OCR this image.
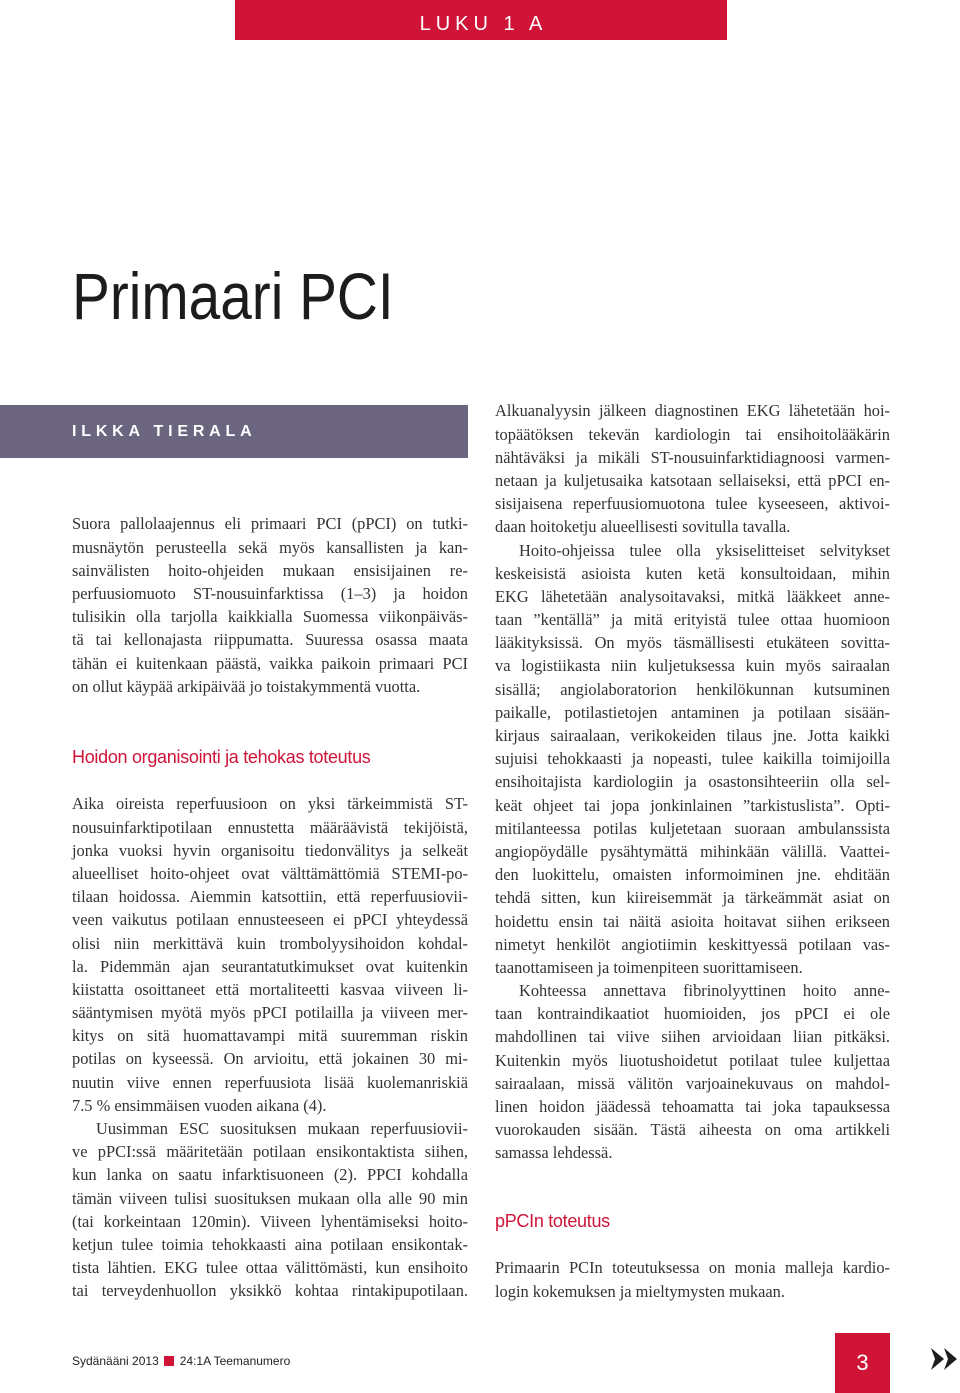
LUKU 1 A
Primaari PCI
ILKKA TIERALA
Suora pallolaajennus eli primaari PCI (pPCI) on tutki-
musnäytön perusteella sekä myös kansallisten ja kan-
sainvälisten hoito-ohjeiden mukaan ensisijainen re-
perfuusiomuoto ST-nousuinfarktissa (1–3) ja hoidon
tulisikin olla tarjolla kaikkialla Suomessa viikonpäiväs-
tä tai kellonajasta riippumatta. Suuressa osassa maata
tähän ei kuitenkaan päästä, vaikka paikoin primaari PCI
on ollut käypää arkipäivää jo toistakymmentä vuotta.
Hoidon organisointi ja tehokas toteutus
Aika oireista reperfuusioon on yksi tärkeimmistä ST-
nousuinfarktipotilaan ennustetta määräävistä tekijöistä,
jonka vuoksi hyvin organisoitu tiedonvälitys ja selkeät
alueelliset hoito-ohjeet ovat välttämättömiä STEMI-po-
tilaan hoidossa. Aiemmin katsottiin, että reperfuusiovii-
veen vaikutus potilaan ennusteeseen ei pPCI yhteydessä
olisi niin merkittävä kuin trombolyysihoidon kohdal-
la. Pidemmän ajan seurantatutkimukset ovat kuitenkin
kiistatta osoittaneet että mortaliteetti kasvaa viiveen li-
sääntymisen myötä myös pPCI potilailla ja viiveen mer-
kitys on sitä huomattavampi mitä suuremman riskin
potilas on kyseessä. On arvioitu, että jokainen 30 mi-
nuutin viive ennen reperfuusiota lisää kuolemanriskiä
7.5 % ensimmäisen vuoden aikana (4).
Uusimman ESC suosituksen mukaan reperfuusiovii-
ve pPCI:ssä määritetään potilaan ensikontaktista siihen,
kun lanka on saatu infarktisuoneen (2). PPCI kohdalla
tämän viiveen tulisi suosituksen mukaan olla alle 90 min
(tai korkeintaan 120min). Viiveen lyhentämiseksi hoito-
ketjun tulee toimia tehokkaasti aina potilaan ensikontak-
tista lähtien. EKG tulee ottaa välittömästi, kun ensihoito
tai terveydenhuollon yksikkö kohtaa rintakipupotilaan.
Alkuanalyysin jälkeen diagnostinen EKG lähetetään hoi-
topäätöksen tekevän kardiologin tai ensihoitolääkärin
nähtäväksi ja mikäli ST-nousuinfarktidiagnoosi varmen-
netaan ja kuljetusaika katsotaan sellaiseksi, että pPCI en-
sisijaisena reperfuusiomuotona tulee kyseeseen, aktivoi-
daan hoitoketju alueellisesti sovitulla tavalla.
Hoito-ohjeissa tulee olla yksiselitteiset selvitykset
keskeisistä asioista kuten ketä konsultoidaan, mihin
EKG lähetetään analysoitavaksi, mitkä lääkkeet anne-
taan ”kentällä” ja mitä erityistä tulee ottaa huomioon
lääkityksissä. On myös täsmällisesti etukäteen sovitta-
va logistiikasta niin kuljetuksessa kuin myös sairaalan
sisällä; angiolaboratorion henkilökunnan kutsuminen
paikalle, potilastietojen antaminen ja potilaan sisään-
kirjaus sairaalaan, verikokeiden tilaus jne. Jotta kaikki
sujuisi tehokkaasti ja nopeasti, tulee kaikilla toimijoilla
ensihoitajista kardiologiin ja osastonsihteeriin olla sel-
keät ohjeet tai jopa jonkinlainen ”tarkistuslista”. Opti-
mitilanteessa potilas kuljetetaan suoraan ambulanssista
angiopöydälle pysähtymättä mihinkään välillä. Vaattei-
den luokittelu, omaisten informoiminen jne. ehditään
tehdä sitten, kun kiireisemmät ja tärkeämmät asiat on
hoidettu ensin tai näitä asioita hoitavat siihen erikseen
nimetyt henkilöt angiotiimin keskittyessä potilaan vas-
taanottamiseen ja toimenpiteen suorittamiseen.
Kohteessa annettava fibrinolyyttinen hoito anne-
taan kontraindikaatiot huomioiden, jos pPCI ei ole
mahdollinen tai viive siihen arvioidaan liian pitkäksi.
Kuitenkin myös liuotushoidetut potilaat tulee kuljettaa
sairaalaan, missä välitön varjoainekuvaus on mahdol-
linen hoidon jäädessä tehoamatta tai joka tapauksessa
vuorokauden sisään. Tästä aiheesta on oma artikkeli
samassa lehdessä.
pPCIn toteutus
Primaarin PCIn toteutuksessa on monia malleja kardio-
login kokemuksen ja mieltymysten mukaan.
Sydänääni 2013 24:1A Teemanumero	3
